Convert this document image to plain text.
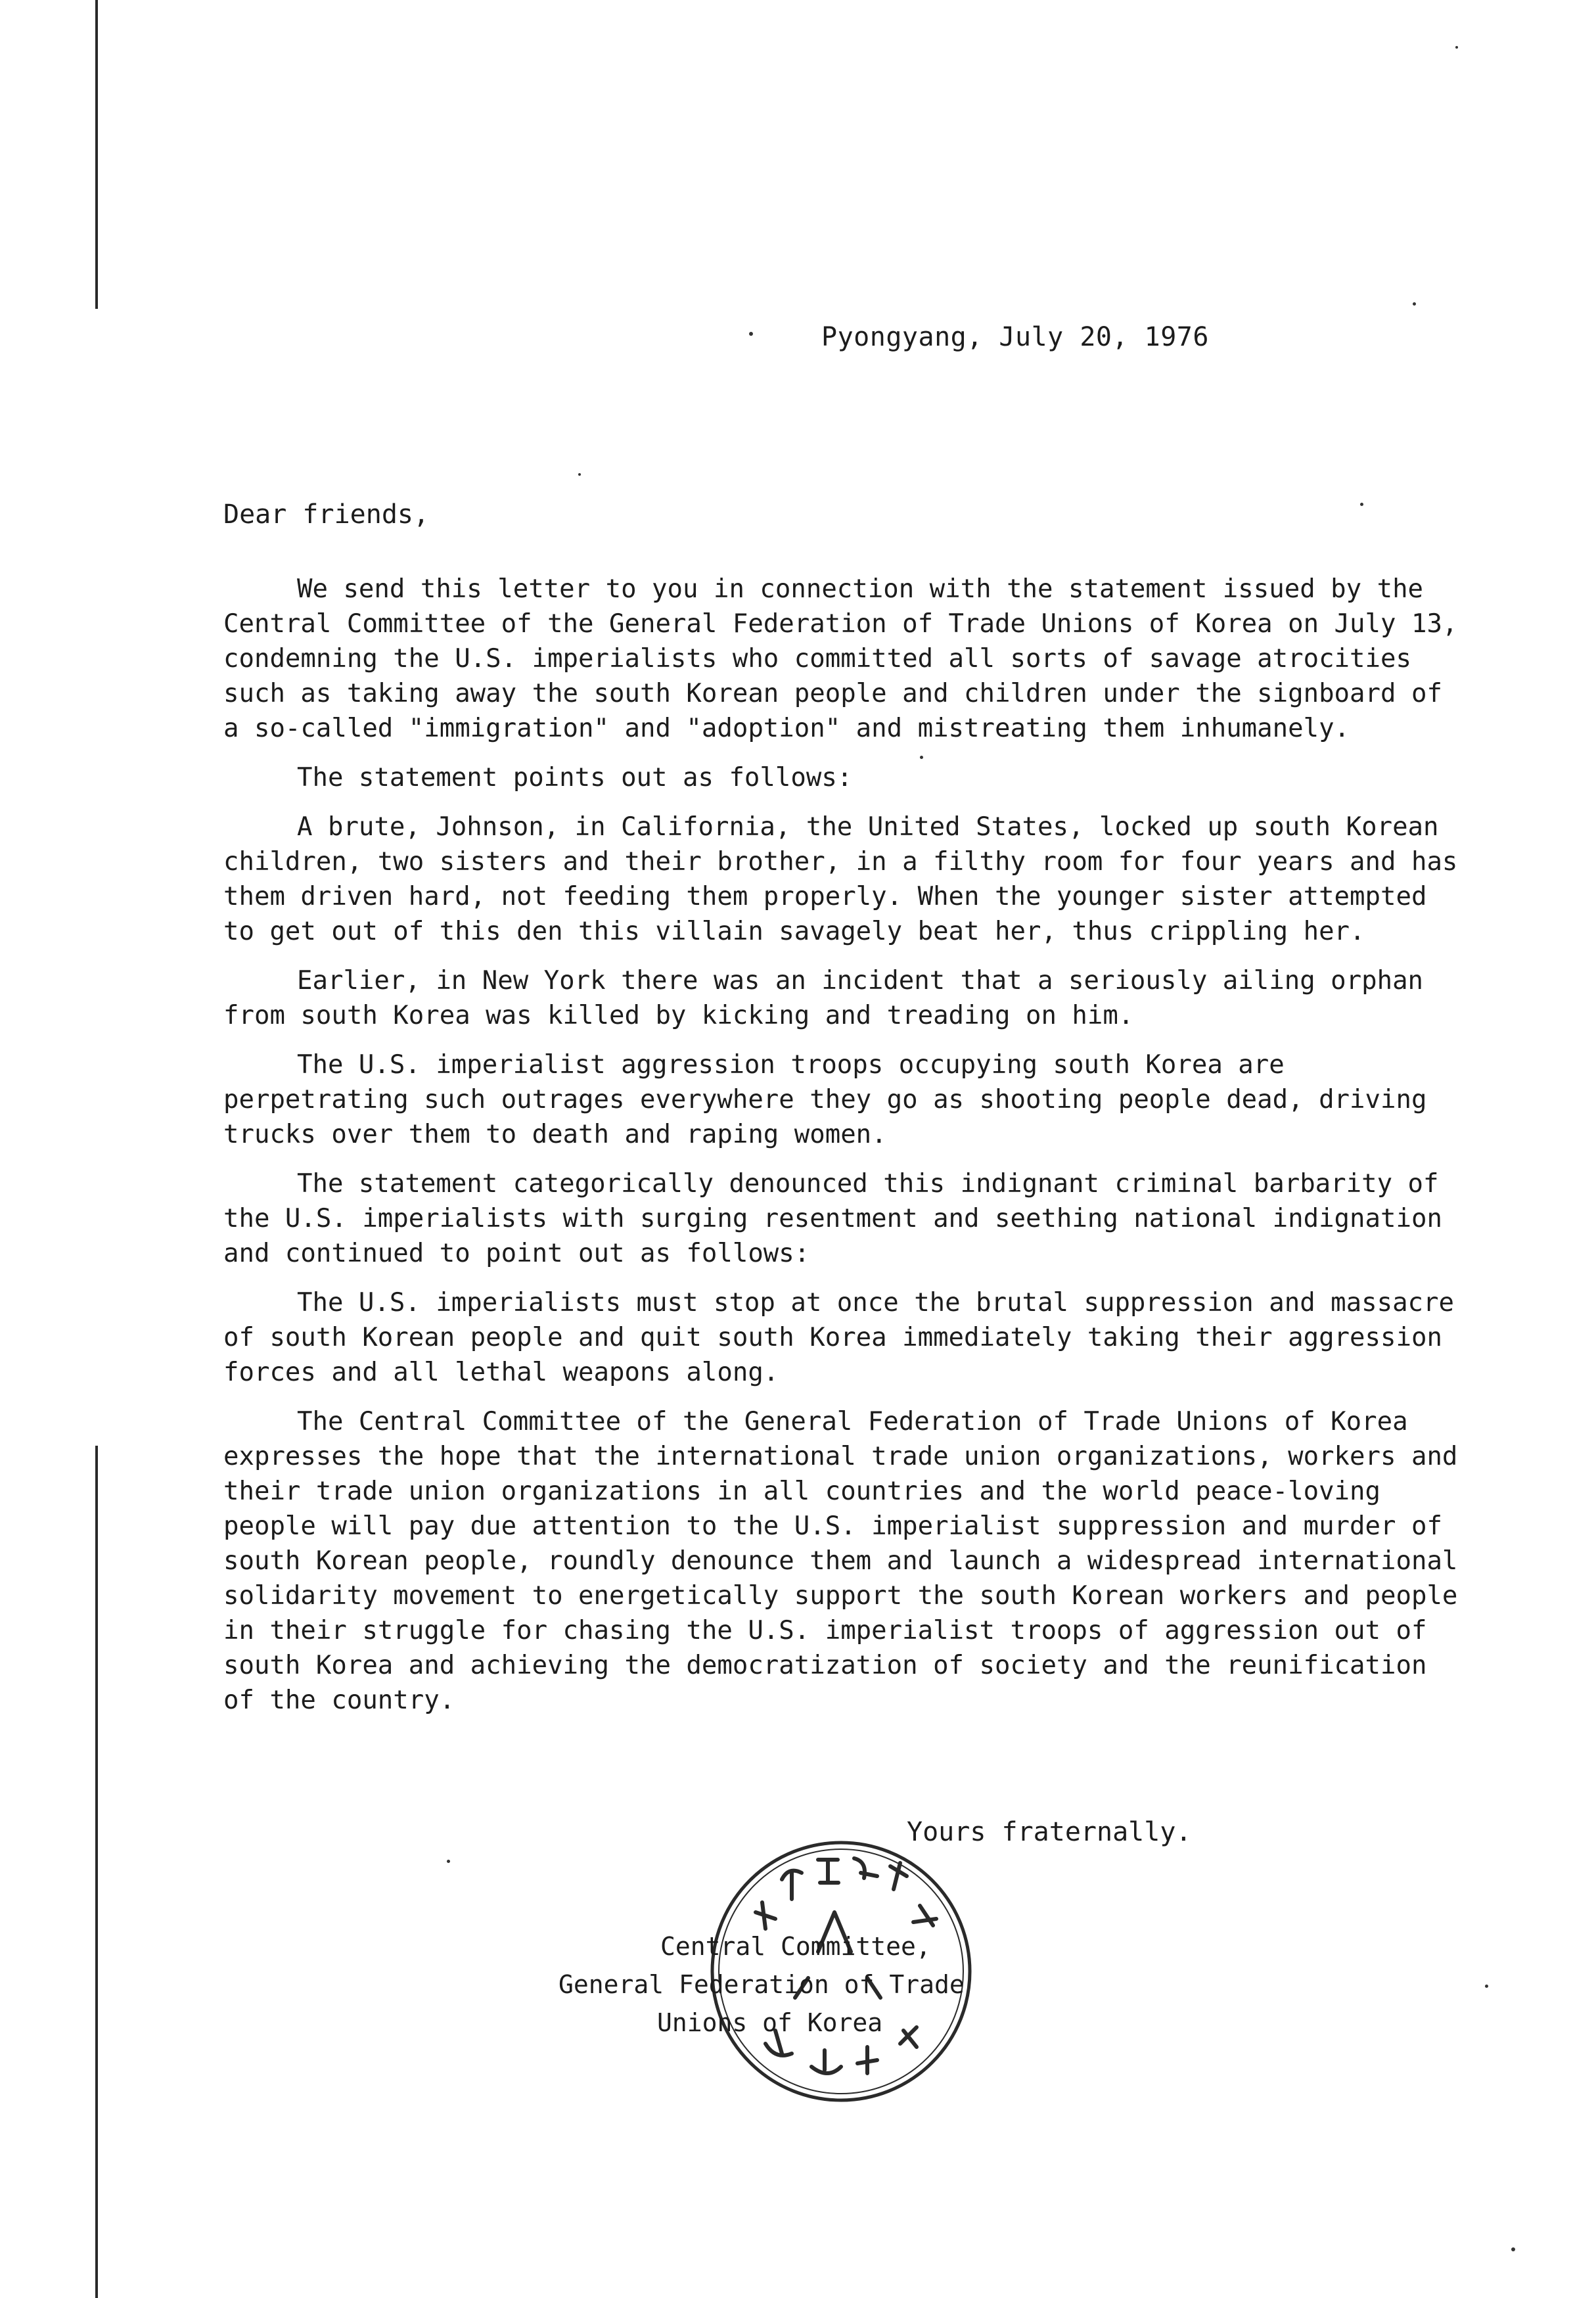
Pyongyang, July 20, 1976
Dear friends,

We send this letter to you in connection with the statement issued by the Central Committee of the General Federation of Trade Unions of Korea on July 13, condemning the U.S. imperialists who committed all sorts of savage atrocities such as taking away the south Korean people and children under the signboard of a so-called "immigration" and "adoption" and mistreating them inhumanely.

The statement points out as follows:

A brute, Johnson, in California, the United States, locked up south Korean children, two sisters and their brother, in a filthy room for four years and has them driven hard, not feeding them properly. When the younger sister attempted to get out of this den this villain savagely beat her, thus crippling her.

Earlier, in New York there was an incident that a seriously ailing orphan from south Korea was killed by kicking and treading on him.

The U.S. imperialist aggression troops occupying south Korea are perpetrating such outrages everywhere they go as shooting people dead, driving trucks over them to death and raping women.

The statement categorically denounced this indignant criminal barbarity of the U.S. imperialists with surging resentment and seething national indignation and continued to point out as follows:

The U.S. imperialists must stop at once the brutal suppression and massacre of south Korean people and quit south Korea immediately taking their aggression forces and all lethal weapons along.

The Central Committee of the General Federation of Trade Unions of Korea expresses the hope that the international trade union organizations, workers and their trade union organizations in all countries and the world peace-loving people will pay due attention to the U.S. imperialist suppression and murder of south Korean people, roundly denounce them and launch a widespread international solidarity movement to energetically support the south Korean workers and people in their struggle for chasing the U.S. imperialist troops of aggression out of south Korea and achieving the democratization of society and the reunification of the country.

Yours fraternally.
Central Committee,
General Federation of Trade
Unions of Korea
